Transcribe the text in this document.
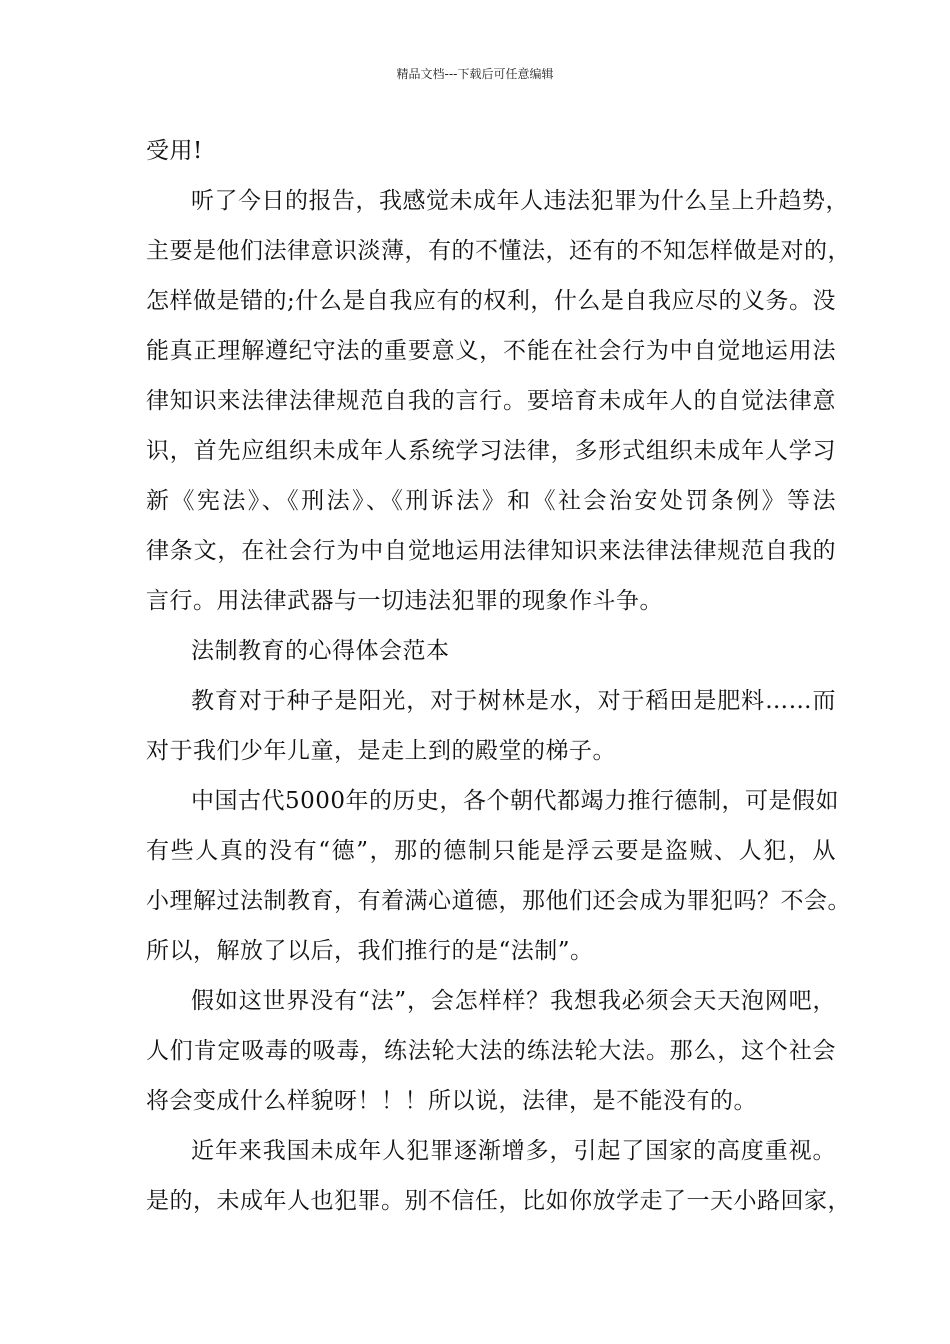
精品文档---下载后可任意编辑
受用!
听了今日的报告，我感觉未成年人违法犯罪为什么呈上升趋势，
主要是他们法律意识淡薄，有的不懂法，还有的不知怎样做是对的，
怎样做是错的;什么是自我应有的权利，什么是自我应尽的义务。没
能真正理解遵纪守法的重要意义，不能在社会行为中自觉地运用法
律知识来法律法律规范自我的言行。要培育未成年人的自觉法律意
识，首先应组织未成年人系统学习法律，多形式组织未成年人学习
新《宪法》、《刑法》、《刑诉法》和《社会治安处罚条例》等法
律条文，在社会行为中自觉地运用法律知识来法律法律规范自我的
言行。用法律武器与一切违法犯罪的现象作斗争。
法制教育的心得体会范本
教育对于种子是阳光，对于树林是水，对于稻田是肥料……而
对于我们少年儿童，是走上到的殿堂的梯子。
中国古代5000年的历史，各个朝代都竭力推行德制，可是假如
有些人真的没有“德”，那的德制只能是浮云要是盗贼、人犯，从
小理解过法制教育，有着满心道德，那他们还会成为罪犯吗？不会。
所以，解放了以后，我们推行的是“法制”。
假如这世界没有“法”，会怎样样？我想我必须会天天泡网吧，
人们肯定吸毒的吸毒，练法轮大法的练法轮大法。那么，这个社会
将会变成什么样貌呀！！！所以说，法律，是不能没有的。
近年来我国未成年人犯罪逐渐增多，引起了国家的高度重视。
是的，未成年人也犯罪。别不信任，比如你放学走了一天小路回家，
